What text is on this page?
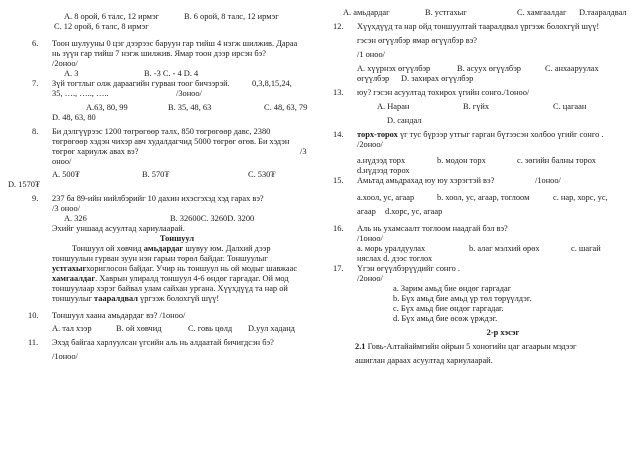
А. 8 орой, 6 талс, 12 ирмэг	В. 6 орой, 8 талс, 12 ирмэг
С. 12 орой, 6 талс, 8 ирмэг
6.	Тоон шулууны 0 цэг дээрээс баруун гар тийш 4 нэгж шилжив. Дараа

нь зүүн гар тийш 7 нэгж шилжив. Ямар тоон дээр ирсэн бэ?

/2оноо/

А. 3	В. -3 С. - 4 D. 4
7.	Зүй тогтлыг олж дараагийн гурван тоог бичээрэй.	0,3,8,15,24,
35, …., ….., …..	/3оноо/
А.63, 80, 99	В. 35, 48, 63	С. 48, 63, 79
D. 48, 63, 80
8.	Би дэлгүүрээс 1200 төгрөгөөр талх, 850 төгрөгөөр давс, 2380

төгрөгөөр хэдэн чихэр авч худалдагчид 5000 төгрөг өгөв. Би хэдэн

төгрөг хариулж авах вэ?	/3

оноо/

А. 500₮	В. 570₮	С. 530₮
D. 1570₮
9.	237 ба 89-ийн нийлбэрийг 10 дахин ихэсгэхэд хэд гарах вэ?

/3 оноо/

А. 326	В. 32600С. 3260D. 3200

Эхийг уншаад асуултад хариулаарай.

Тоншуул

Тоншуул ой хөвчид амьдардаг шувуу юм. Далхий дээр

тоншуулын гурван зуун нэн гарын төрөл байдаг. Тоншуулыг

устгахыгхориглосон байдаг. Учир нь тоншуул нь ой модыг шавжаас

хамгаалдаг. Хаврын улиралд тоншуул 4-6 өндөг гаргадаг. Ой мод

тоншуулаар хэрэг байвал улам сайхан ургана. Хүүхдүүд та нар ой

тоншуулыг тааралдвал үргээж болохгүй шүү!

10.	Тоншуул хаана амьдардаг вэ? /1оноо/

А. тал хээр	В. ой хөвчид	С. говь цөлд D.уул хаданд
11.	Эхэд байгаа харлуулсан үгсийн аль нь алдаатай бичигдсэн бэ?

/1оноо/

А. амьдардаг	В. устгахыг	С. хамгаалдаг D.тааралдвал
12.	Хүүхдүүд та нар ойд тоншуултай тааралдвал үргээж болохгүй шүү!

гэсэн өгүүлбэр ямар өгүүлбэр вэ?

/1 оноо/

А. хүүрнэх өгүүлбэр	В. асуух өгүүлбэр	С. анхааруулах
өгүүлбэр D. захирах өгүүлбэр
13.	юу? гэсэн асуултад тохирох үгийн сонго./1оноо/

А. Наран	В. гүйх	С. цагаан
D. сандал
14.	торх-торох үг тус бүрээр утгыг гарган бүтээсэн холбоо үгийг сонго .

/2оноо/

а.нүдээд торх	b. модон торх	с. зөгийн балны торох
d.нүдээд торох
15.	Амьтад амьдрахад юу юу хэрэгтэй вэ?	/1оноо/
а.хоол, ус, агаар	b. хоол, ус, агаар, тоглоом	с. нар, хорс, ус,
агаар d.хорс, ус, агаар
16.	Аль нь ухамсаалт тоглоом наадгай бэл вэ?

/1оноо/

а. морь уралдуулах	b. алаг мэлхий өрөх	с. шагай
няслах d. дээс тоглох
17.	Үгэн өгүүлбэрүүдийг сонго .

/2оноо/

а. Зарим амьд бие өндөг гаргадаг

b. Бүх амьд бие амьд үр төл төрүүлдэг.

с. Бүх амьд бие өндөг гаргадаг.

d. Бүх амьд бие өсөж үрждэг.

2-р хэсэг

2.1 Говь-Алтайаймгийн ойрын 5 хоногийн цаг агаарын мэдээг

ашиглан дараах асуултад хариулаарай.
